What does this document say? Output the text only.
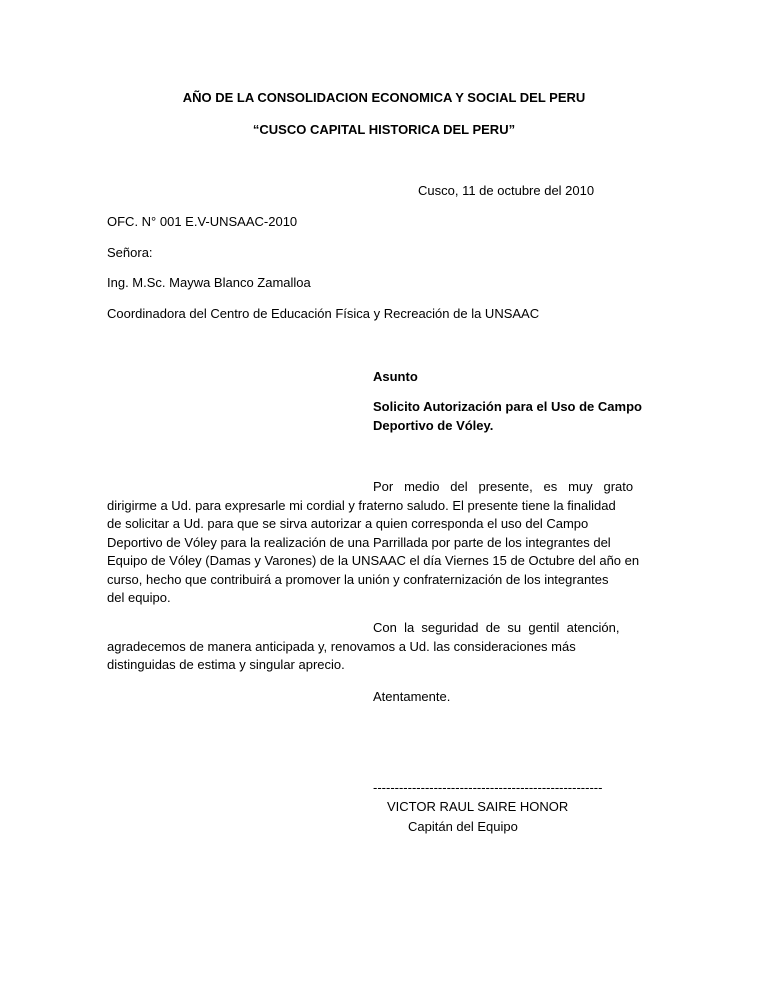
AÑO DE LA CONSOLIDACION ECONOMICA Y SOCIAL DEL PERU
“CUSCO CAPITAL HISTORICA DEL PERU”
Cusco, 11 de octubre del 2010
OFC. N° 001 E.V-UNSAAC-2010
Señora:
Ing. M.Sc. Maywa Blanco Zamalloa
Coordinadora del Centro de Educación Física y Recreación de la UNSAAC
Asunto
Solicito Autorización para el Uso de Campo
Deportivo de Vóley.
Por   medio   del   presente,   es   muy   grato
dirigirme a Ud. para expresarle mi cordial y fraterno saludo. El presente tiene la finalidad
de solicitar a Ud. para que se sirva autorizar a quien corresponda el uso del Campo
Deportivo de Vóley para la realización de una Parrillada por parte de los integrantes del
Equipo de Vóley (Damas y Varones) de la UNSAAC el día Viernes 15 de Octubre del año en
curso, hecho que contribuirá a promover la unión y confraternización de los integrantes
del equipo.
Con  la  seguridad  de  su  gentil  atención,
agradecemos de manera anticipada y, renovamos a Ud. las consideraciones más
distinguidas de estima y singular aprecio.
Atentamente.
-----------------------------------------------------
VICTOR RAUL SAIRE HONOR
Capitán del Equipo
